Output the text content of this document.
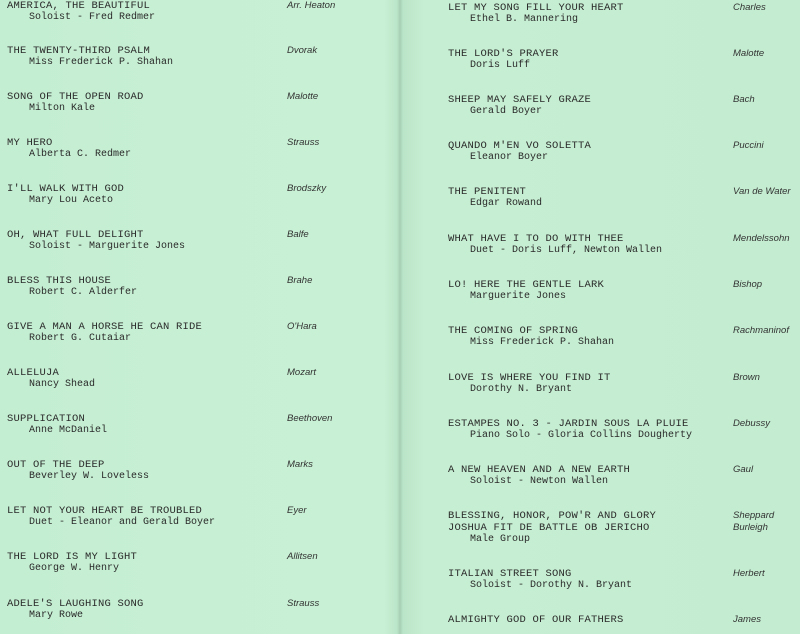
AMERICA, THE BEAUTIFUL
Soloist - Fred Redmer
Arr. Heaton
THE TWENTY-THIRD PSALM
Miss Frederick P. Shahan
Dvorak
SONG OF THE OPEN ROAD
Milton Kale
Malotte
MY HERO
Alberta C. Redmer
Strauss
I'LL WALK WITH GOD
Mary Lou Aceto
Brodszky
OH, WHAT FULL DELIGHT
Soloist - Marguerite Jones
Balfe
BLESS THIS HOUSE
Robert C. Alderfer
Brahe
GIVE A MAN A HORSE HE CAN RIDE
Robert G. Cutaiar
O'Hara
ALLELUJA
Nancy Shead
Mozart
SUPPLICATION
Anne McDaniel
Beethoven
OUT OF THE DEEP
Beverley W. Loveless
Marks
LET NOT YOUR HEART BE TROUBLED
Duet - Eleanor and Gerald Boyer
Eyer
THE LORD IS MY LIGHT
George W. Henry
Allitsen
ADELE'S LAUGHING SONG
Mary Rowe
Strauss
LET MY SONG FILL YOUR HEART
Ethel B. Mannering
Charles
THE LORD'S PRAYER
Doris Luff
Malotte
SHEEP MAY SAFELY GRAZE
Gerald Boyer
Bach
QUANDO M'EN VO SOLETTA
Eleanor Boyer
Puccini
THE PENITENT
Edgar Rowand
Van de Water
WHAT HAVE I TO DO WITH THEE
Duet - Doris Luff, Newton Wallen
Mendelssohn
LO! HERE THE GENTLE LARK
Marguerite Jones
Bishop
THE COMING OF SPRING
Miss Frederick P. Shahan
Rachmaninof
LOVE IS WHERE YOU FIND IT
Dorothy N. Bryant
Brown
ESTAMPES NO. 3 - JARDIN SOUS LA PLUIE
Piano Solo - Gloria Collins Dougherty
Debussy
A NEW HEAVEN AND A NEW EARTH
Soloist - Newton Wallen
Gaul
BLESSING, HONOR, POW'R AND GLORY
JOSHUA FIT DE BATTLE OB JERICHO
Male Group
Sheppard
Burleigh
ITALIAN STREET SONG
Soloist - Dorothy N. Bryant
Herbert
ALMIGHTY GOD OF OUR FATHERS	James
